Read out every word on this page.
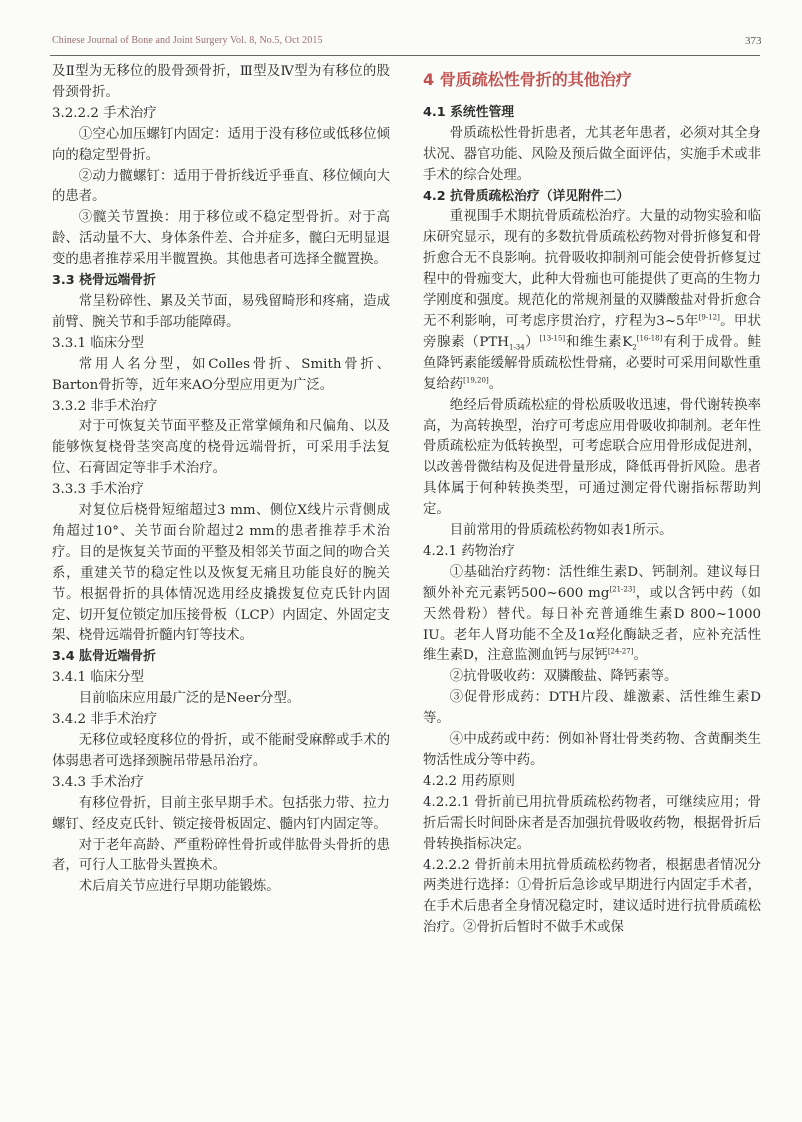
Chinese Journal of Bone and Joint Surgery Vol. 8, No.5, Oct 2015	373

及Ⅱ型为无移位的股骨颈骨折，Ⅲ型及Ⅳ型为有移位的股骨颈骨折。

3.2.2.2 手术治疗

①空心加压螺钉内固定：适用于没有移位或低移位倾向的稳定型骨折。

②动力髋螺钉：适用于骨折线近乎垂直、移位倾向大的患者。

③髋关节置换：用于移位或不稳定型骨折。对于高龄、活动量不大、身体条件差、合并症多，髋臼无明显退变的患者推荐采用半髋置换。其他患者可选择全髋置换。

3.3 桡骨远端骨折

常呈粉碎性、累及关节面，易残留畸形和疼痛，造成前臂、腕关节和手部功能障碍。

3.3.1 临床分型

常用人名分型，如Colles骨折、Smith骨折、Barton骨折等，近年来AO分型应用更为广泛。

3.3.2 非手术治疗

对于可恢复关节面平整及正常掌倾角和尺偏角、以及能够恢复桡骨茎突高度的桡骨远端骨折，可采用手法复位、石膏固定等非手术治疗。

3.3.3 手术治疗

对复位后桡骨短缩超过3 mm、侧位X线片示背侧成角超过10°、关节面台阶超过2 mm的患者推荐手术治疗。目的是恢复关节面的平整及相邻关节面之间的吻合关系，重建关节的稳定性以及恢复无痛且功能良好的腕关节。根据骨折的具体情况选用经皮撬拨复位克氏针内固定、切开复位锁定加压接骨板（LCP）内固定、外固定支架、桡骨远端骨折髓内钉等技术。

3.4 肱骨近端骨折

3.4.1 临床分型

目前临床应用最广泛的是Neer分型。

3.4.2 非手术治疗

无移位或轻度移位的骨折，或不能耐受麻醉或手术的体弱患者可选择颈腕吊带悬吊治疗。

3.4.3 手术治疗

有移位骨折，目前主张早期手术。包括张力带、拉力螺钉、经皮克氏针、锁定接骨板固定、髓内钉内固定等。

对于老年高龄、严重粉碎性骨折或伴肱骨头骨折的患者，可行人工肱骨头置换术。

术后肩关节应进行早期功能锻炼。

4 骨质疏松性骨折的其他治疗

4.1 系统性管理

骨质疏松性骨折患者，尤其老年患者，必须对其全身状况、器官功能、风险及预后做全面评估，实施手术或非手术的综合处理。

4.2 抗骨质疏松治疗（详见附件二）

重视围手术期抗骨质疏松治疗。大量的动物实验和临床研究显示，现有的多数抗骨质疏松药物对骨折修复和骨折愈合无不良影响。抗骨吸收抑制剂可能会使骨折修复过程中的骨痂变大，此种大骨痂也可能提供了更高的生物力学刚度和强度。规范化的常规剂量的双膦酸盐对骨折愈合无不利影响，可考虑序贯治疗，疗程为3~5年[9-12]。甲状旁腺素$(PTH_{1-34})[13-15]$和维生素$K_2[16-18]$有利于成骨。鲑鱼降钙素能缓解骨质疏松性骨痛，必要时可采用间歇性重复给药[19,20]。

绝经后骨质疏松症的骨松质吸收迅速，骨代谢转换率高，为高转换型，治疗可考虑应用骨吸收抑制剂。老年性骨质疏松症为低转换型，可考虑联合应用骨形成促进剂，以改善骨微结构及促进骨量形成，降低再骨折风险。患者具体属于何种转换类型，可通过测定骨代谢指标帮助判定。

目前常用的骨质疏松药物如表1所示。

4.2.1 药物治疗

①基础治疗药物：活性维生素D、钙制剂。建议每日额外补充元素钙500~600 mg[21-23]，或以含钙中药（如天然骨粉）替代。每日补充普通维生素D 800~1000 IU。老年人肾功能不全及1α羟化酶缺乏者，应补充活性维生素D，注意监测血钙与尿钙[24-27]。

②抗骨吸收药：双膦酸盐、降钙素等。

③促骨形成药：DTH片段、雄激素、活性维生素D等。

④中成药或中药：例如补肾壮骨类药物、含黄酮类生物活性成分等中药。

4.2.2 用药原则

4.2.2.1 骨折前已用抗骨质疏松药物者，可继续应用；骨折后需长时间卧床者是否加强抗骨吸收药物，根据骨折后骨转换指标决定。

4.2.2.2 骨折前未用抗骨质疏松药物者，根据患者情况分两类进行选择：①骨折后急诊或早期进行内固定手术者，在手术后患者全身情况稳定时，建议适时进行抗骨质疏松治疗。②骨折后暂时不做手术或保
